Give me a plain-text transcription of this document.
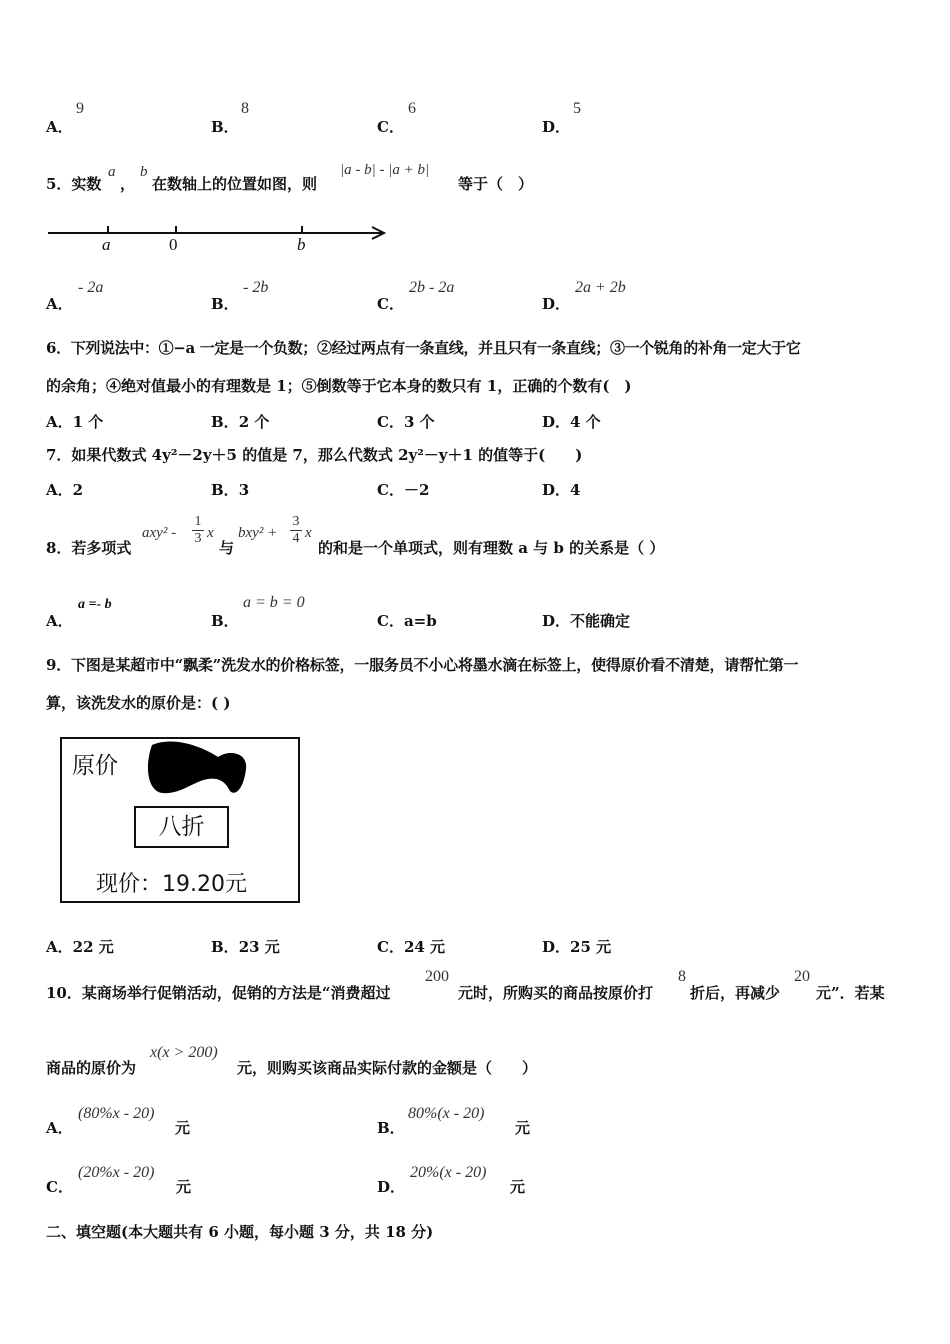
A．
9
B．
8
C．
6
D．
5
5．实数
a
，
b
在数轴上的位置如图，则
|a - b| - |a + b|
等于（　）
a	0	b
A．
- 2a
B．
- 2b
C．
2b - 2a
D．
2a + 2b
6．下列说法中：①−a 一定是一个负数；②经过两点有一条直线，并且只有一条直线；③一个锐角的补角一定大于它
的余角；④绝对值最小的有理数是 1；⑤倒数等于它本身的数只有 1，正确的个数有(　)
A．1 个	B．2 个	C．3 个	D．4 个
7．如果代数式 4y²－2y＋5 的值是 7，那么代数式 2y²－y＋1 的值等于(　　)
A．2	B．3	C．－2	D．4
8．若多项式
$axy^2 - \frac{1}{3}$ x
与
$bxy^2 + \frac{3}{4}$ x
的和是一个单项式，则有理数 a 与 b 的关系是（ ）
A．
a =- b
B．
a = b = 0
C．a=b	D．不能确定
9．下图是某超市中“飘柔”洗发水的价格标签，一服务员不小心将墨水滴在标签上，使得原价看不清楚，请帮忙第一
算，该洗发水的原价是：( )
原价
八折
现价：19.20元
A．22 元	B．23 元	C．24 元	D．25 元
10．某商场举行促销活动，促销的方法是“消费超过
200
元时，所购买的商品按原价打
8
折后，再减少
20
元”．若某
商品的原价为
x(x > 200)
元，则购买该商品实际付款的金额是（　　）
A．
(80%x - 20)
元	B．
80%(x - 20)
元
C．
(20%x - 20)
元	D．
20%(x - 20)
元
二、填空题(本大题共有 6 小题，每小题 3 分，共 18 分)
